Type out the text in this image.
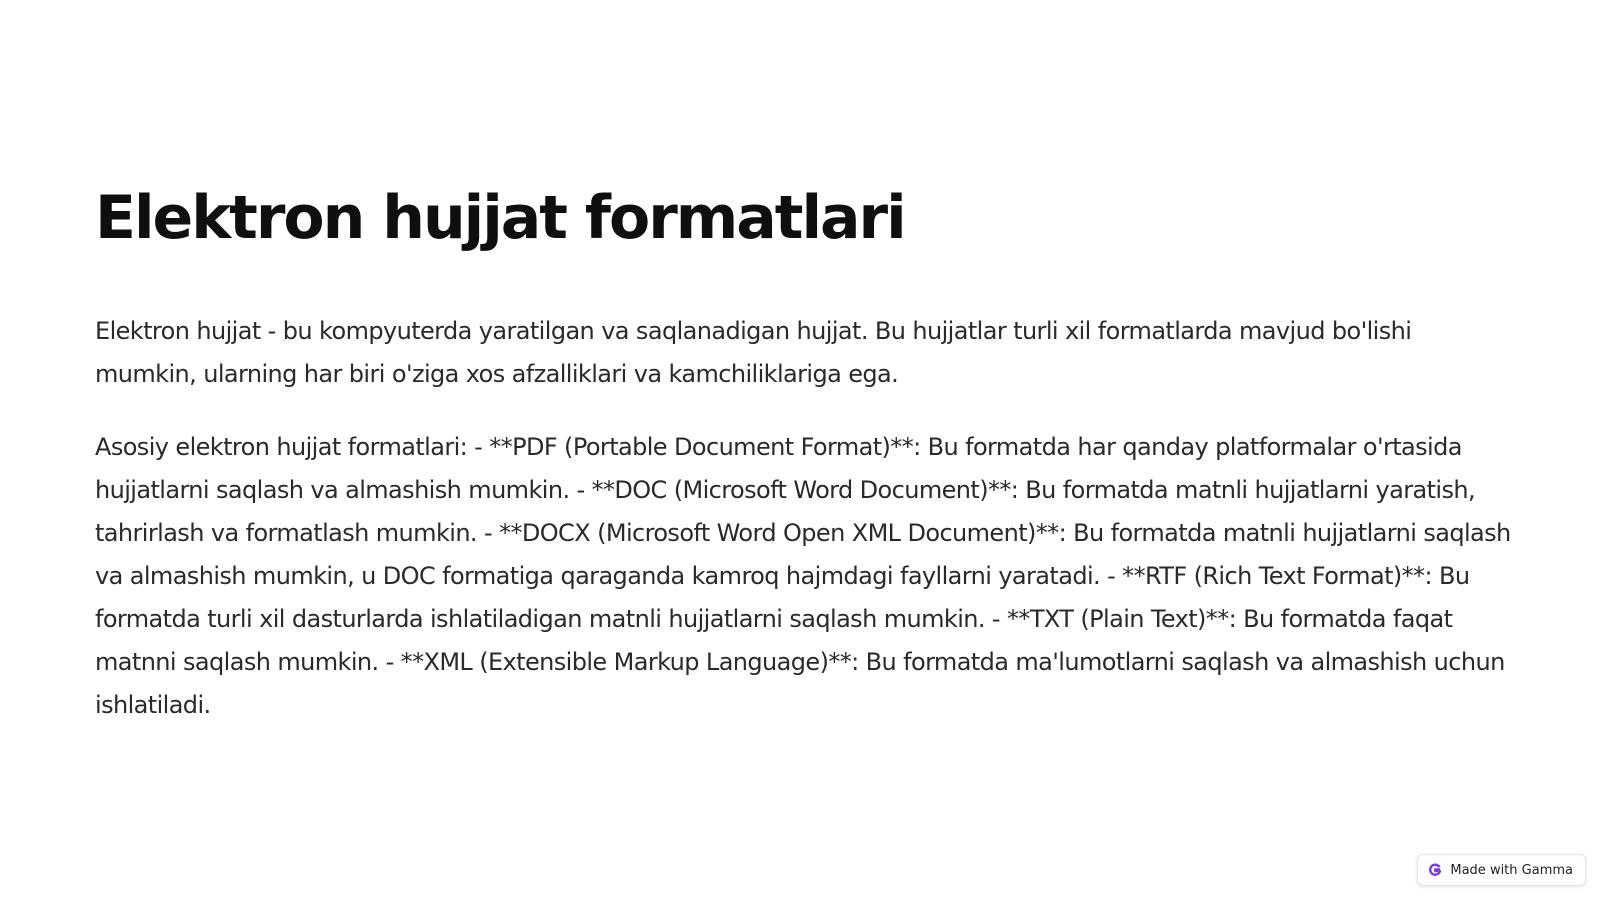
Elektron hujjat formatlari

Elektron hujjat - bu kompyuterda yaratilgan va saqlanadigan hujjat. Bu hujjatlar turli xil formatlarda mavjud bo'lishi mumkin, ularning har biri o'ziga xos afzalliklari va kamchiliklariga ega.

Asosiy elektron hujjat formatlari: - **PDF (Portable Document Format)**: Bu formatda har qanday platformalar o'rtasida hujjatlarni saqlash va almashish mumkin. - **DOC (Microsoft Word Document)**: Bu formatda matnli hujjatlarni yaratish, tahrirlash va formatlash mumkin. - **DOCX (Microsoft Word Open XML Document)**: Bu formatda matnli hujjatlarni saqlash va almashish mumkin, u DOC formatiga qaraganda kamroq hajmdagi fayllarni yaratadi. - **RTF (Rich Text Format)**: Bu formatda turli xil dasturlarda ishlatiladigan matnli hujjatlarni saqlash mumkin. - **TXT (Plain Text)**: Bu formatda faqat matnni saqlash mumkin. - **XML (Extensible Markup Language)**: Bu formatda ma'lumotlarni saqlash va almashish uchun ishlatiladi.

Made with Gamma
